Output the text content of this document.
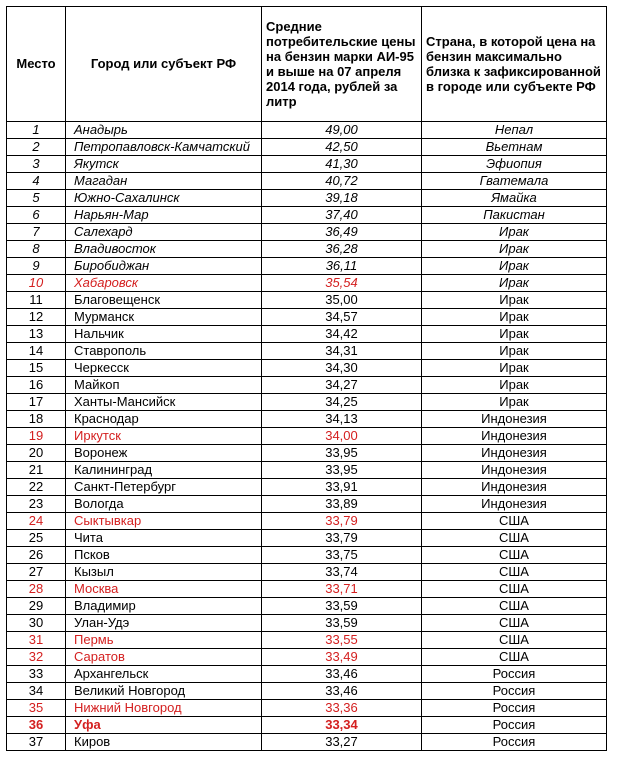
Место	Город или субъект РФ	Средние потребительские цены на бензин марки АИ-95 и выше на 07 апреля 2014 года, рублей за литр	Страна, в которой цена на бензин максимально близка к зафиксированной в городе или субъекте РФ
1	Анадырь	49,00	Непал
2	Петропавловск-Камчатский	42,50	Вьетнам
3	Якутск	41,30	Эфиопия
4	Магадан	40,72	Гватемала
5	Южно-Сахалинск	39,18	Ямайка
6	Нарьян-Мар	37,40	Пакистан
7	Салехард	36,49	Ирак
8	Владивосток	36,28	Ирак
9	Биробиджан	36,11	Ирак
10	Хабаровск	35,54	Ирак
11	Благовещенск	35,00	Ирак
12	Мурманск	34,57	Ирак
13	Нальчик	34,42	Ирак
14	Ставрополь	34,31	Ирак
15	Черкесск	34,30	Ирак
16	Майкоп	34,27	Ирак
17	Ханты-Мансийск	34,25	Ирак
18	Краснодар	34,13	Индонезия
19	Иркутск	34,00	Индонезия
20	Воронеж	33,95	Индонезия
21	Калининград	33,95	Индонезия
22	Санкт-Петербург	33,91	Индонезия
23	Вологда	33,89	Индонезия
24	Сыктывкар	33,79	США
25	Чита	33,79	США
26	Псков	33,75	США
27	Кызыл	33,74	США
28	Москва	33,71	США
29	Владимир	33,59	США
30	Улан-Удэ	33,59	США
31	Пермь	33,55	США
32	Саратов	33,49	США
33	Архангельск	33,46	Россия
34	Великий Новгород	33,46	Россия
35	Нижний Новгород	33,36	Россия
36	Уфа	33,34	Россия
37	Киров	33,27	Россия
